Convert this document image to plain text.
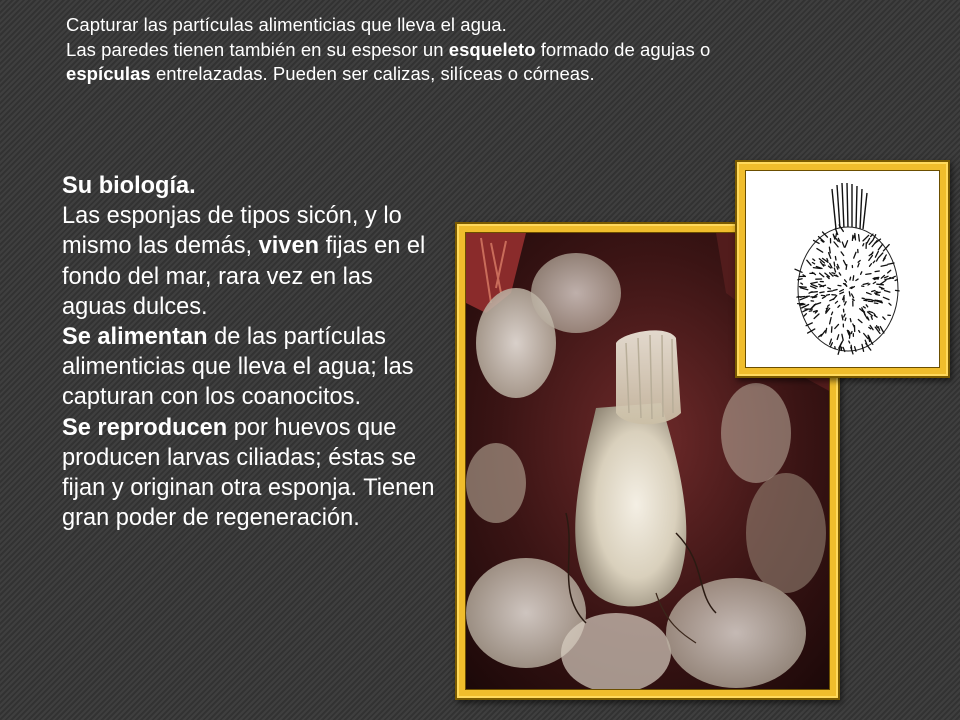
Capturar las partículas alimenticias que lleva el agua.

Las paredes tienen también en su espesor un esqueleto formado de agujas o

espículas entrelazadas. Pueden ser calizas, silíceas o córneas.

Su biología.

Las esponjas de tipos sicón, y lo mismo las demás, viven fijas en el fondo del mar, rara vez en las aguas dulces.

Se alimentan de las partículas alimenticias que lleva el agua; las capturan con los coanocitos.

Se reproducen por huevos que producen larvas ciliadas; éstas se fijan y originan otra esponja. Tienen gran poder de regeneración.
